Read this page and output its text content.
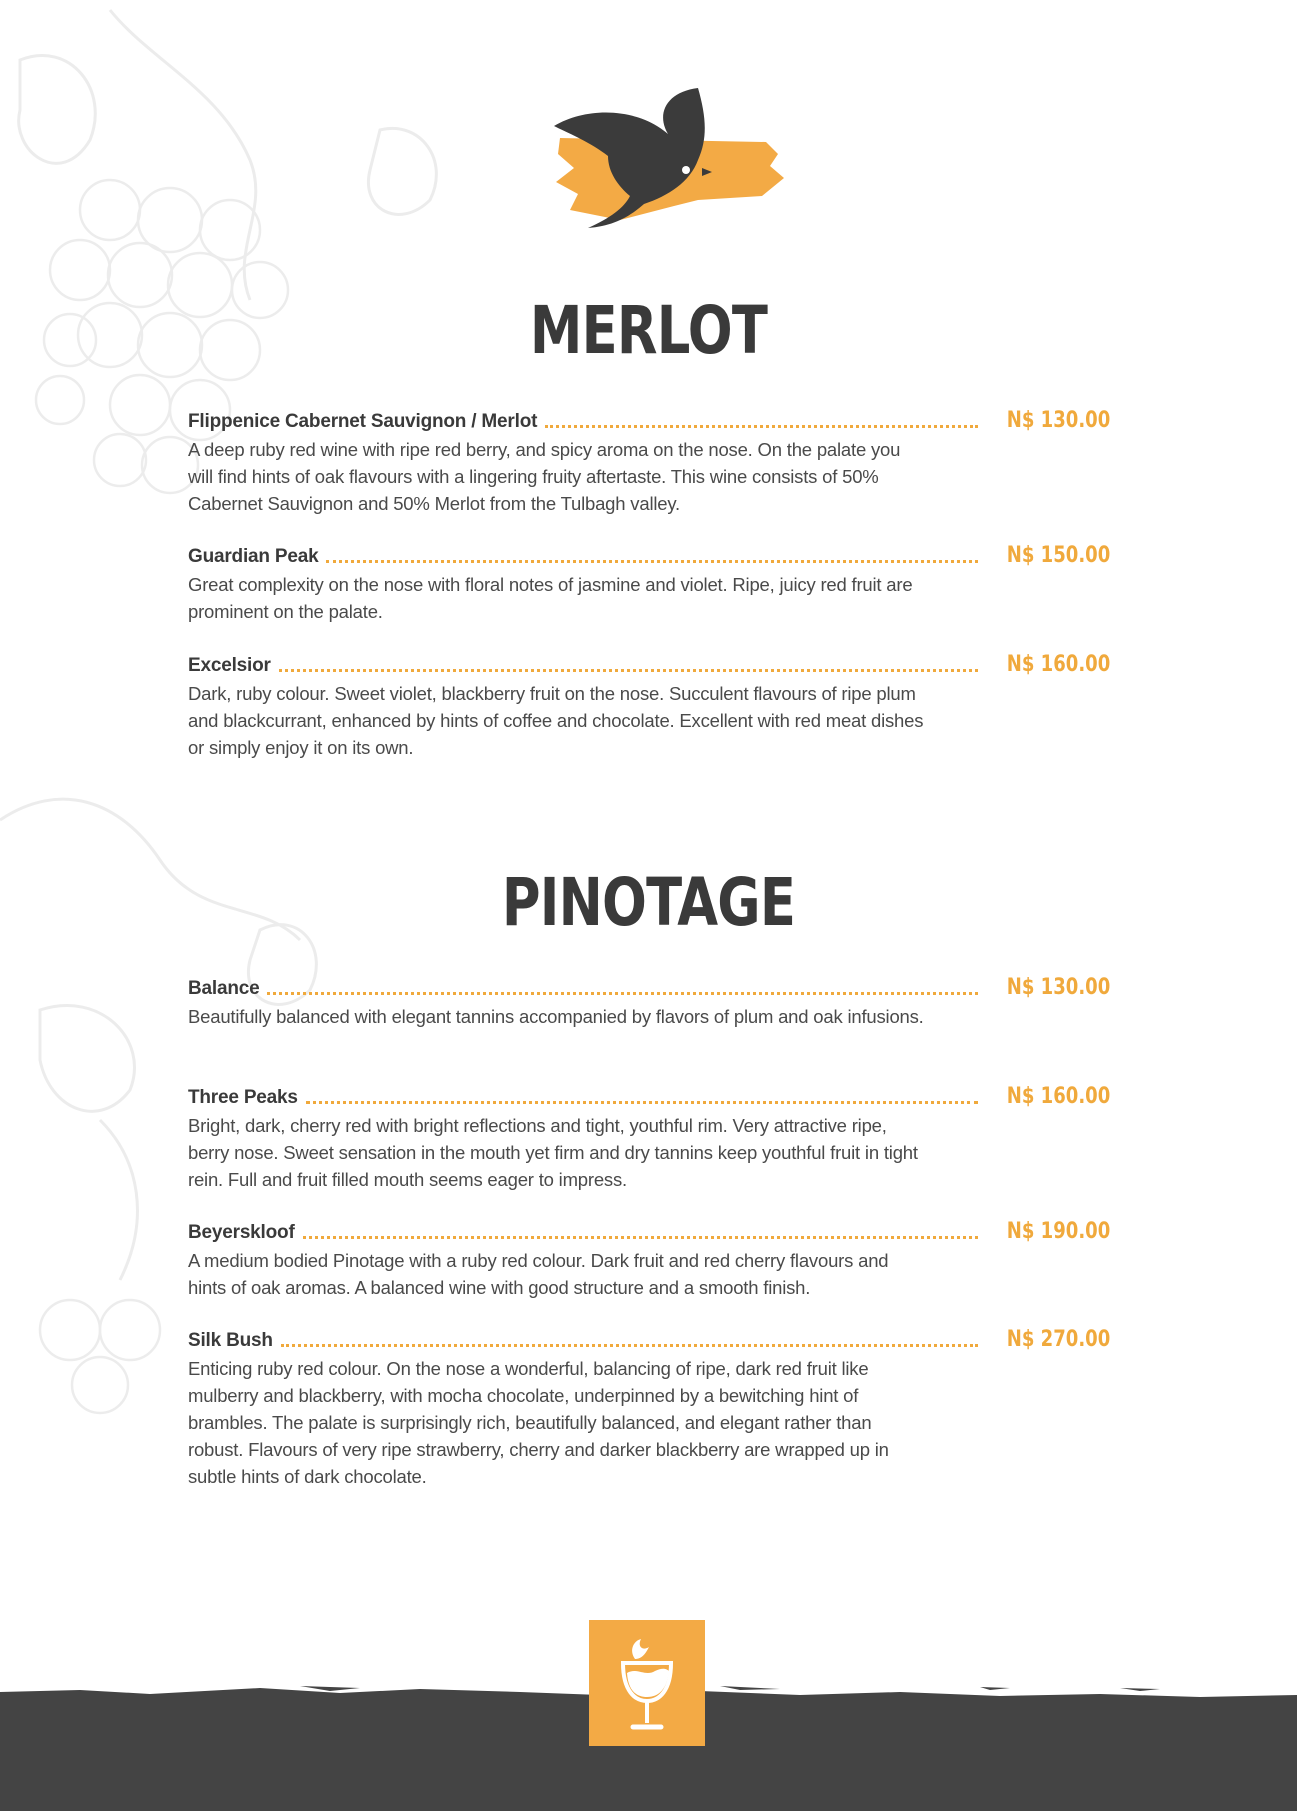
MERLOT
Flippenice Cabernet Sauvignon / Merlot	N$ 130.00

A deep ruby red wine with ripe red berry, and spicy aroma on the nose. On the palate you will find hints of oak flavours with a lingering fruity aftertaste. This wine consists of 50% Cabernet Sauvignon and 50% Merlot from the Tulbagh valley.

Guardian Peak	N$ 150.00

Great complexity on the nose with floral notes of jasmine and violet. Ripe, juicy red fruit are prominent on the palate.

Excelsior	N$ 160.00

Dark, ruby colour. Sweet violet, blackberry fruit on the nose. Succulent flavours of ripe plum and blackcurrant, enhanced by hints of coffee and chocolate. Excellent with red meat dishes or simply enjoy it on its own.

PINOTAGE
Balance	N$ 130.00

Beautifully balanced with elegant tannins accompanied by flavors of plum and oak infusions.

Three Peaks	N$ 160.00

Bright, dark, cherry red with bright reflections and tight, youthful rim. Very attractive ripe, berry nose. Sweet sensation in the mouth yet firm and dry tannins keep youthful fruit in tight rein. Full and fruit filled mouth seems eager to impress.

Beyerskloof	N$ 190.00

A medium bodied Pinotage with a ruby red colour. Dark fruit and red cherry flavours and hints of oak aromas. A balanced wine with good structure and a smooth finish.

Silk Bush	N$ 270.00

Enticing ruby red colour. On the nose a wonderful, balancing of ripe, dark red fruit like mulberry and blackberry, with mocha chocolate, underpinned by a bewitching hint of brambles. The palate is surprisingly rich, beautifully balanced, and elegant rather than robust. Flavours of very ripe strawberry, cherry and darker blackberry are wrapped up in subtle hints of dark chocolate.
